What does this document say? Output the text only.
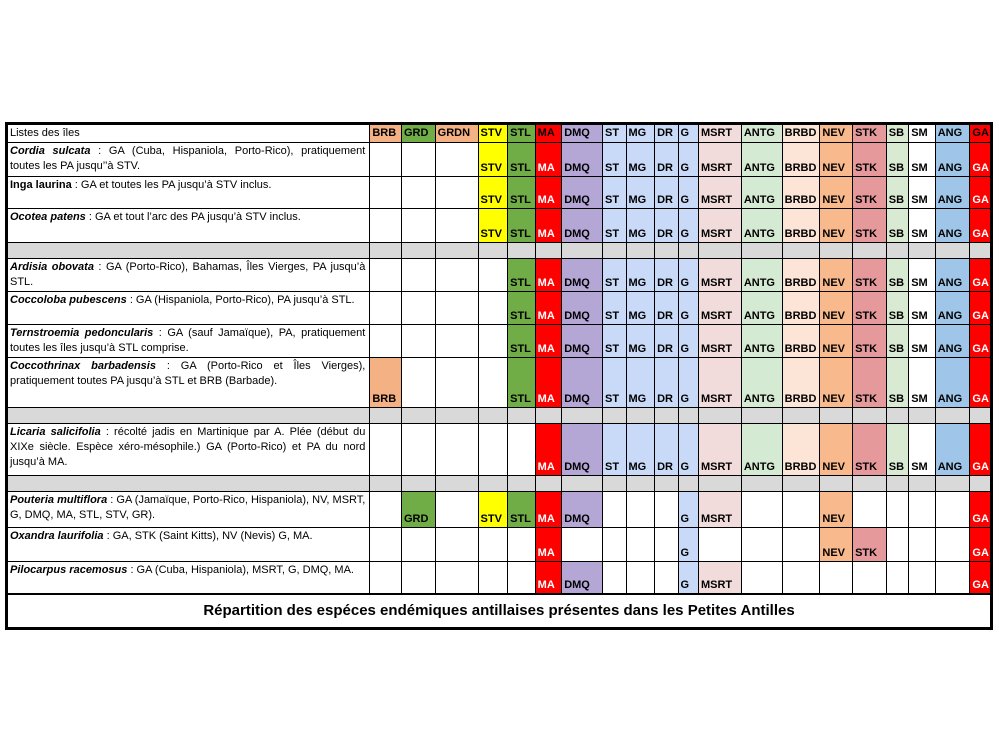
Listes des îles	BRB	GRD	GRDN	STV	STL	MA	DMQ	ST	MG	DR	G	MSRT	ANTG	BRBD	NEV	STK	SB	SM	ANG	GA
Cordia sulcata : GA (Cuba, Hispaniola, Porto-Rico), pratiquement toutes les PA jusqu’’à STV.				STV	STL	MA	DMQ	ST	MG	DR	G	MSRT	ANTG	BRBD	NEV	STK	SB	SM	ANG	GA
Inga laurina : GA et toutes les PA jusqu’à STV inclus.				STV	STL	MA	DMQ	ST	MG	DR	G	MSRT	ANTG	BRBD	NEV	STK	SB	SM	ANG	GA
Ocotea patens : GA et tout l’arc des PA jusqu’à STV inclus.				STV	STL	MA	DMQ	ST	MG	DR	G	MSRT	ANTG	BRBD	NEV	STK	SB	SM	ANG	GA

Ardisia obovata : GA (Porto-Rico), Bahamas, Îles Vierges, PA jusqu’à STL.					STL	MA	DMQ	ST	MG	DR	G	MSRT	ANTG	BRBD	NEV	STK	SB	SM	ANG	GA
Coccoloba pubescens : GA (Hispaniola, Porto-Rico), PA jusqu’à STL.					STL	MA	DMQ	ST	MG	DR	G	MSRT	ANTG	BRBD	NEV	STK	SB	SM	ANG	GA
Ternstroemia pedoncularis : GA (sauf Jamaïque), PA, pratiquement toutes les îles jusqu’à STL comprise.					STL	MA	DMQ	ST	MG	DR	G	MSRT	ANTG	BRBD	NEV	STK	SB	SM	ANG	GA
Coccothrinax barbadensis : GA (Porto-Rico et Îles Vierges), pratiquement toutes PA jusqu’à STL et BRB (Barbade).	BRB				STL	MA	DMQ	ST	MG	DR	G	MSRT	ANTG	BRBD	NEV	STK	SB	SM	ANG	GA

Licaria salicifolia : récolté jadis en Martinique par A. Plée (début du XIXe siècle. Espèce xéro-mésophile.) GA (Porto-Rico) et PA du nord jusqu’à MA.						MA	DMQ	ST	MG	DR	G	MSRT	ANTG	BRBD	NEV	STK	SB	SM	ANG	GA

Pouteria multiflora : GA (Jamaïque, Porto-Rico, Hispaniola), NV, MSRT, G, DMQ, MA, STL, STV, GR).		GRD		STV	STL	MA	DMQ				G	MSRT			NEV					GA
Oxandra laurifolia : GA, STK (Saint Kitts), NV (Nevis) G, MA.						MA					G				NEV	STK				GA
Pilocarpus racemosus : GA (Cuba, Hispaniola), MSRT, G, DMQ, MA.						MA	DMQ				G	MSRT								GA
Répartition des espéces endémiques antillaises présentes dans les Petites Antilles																				
